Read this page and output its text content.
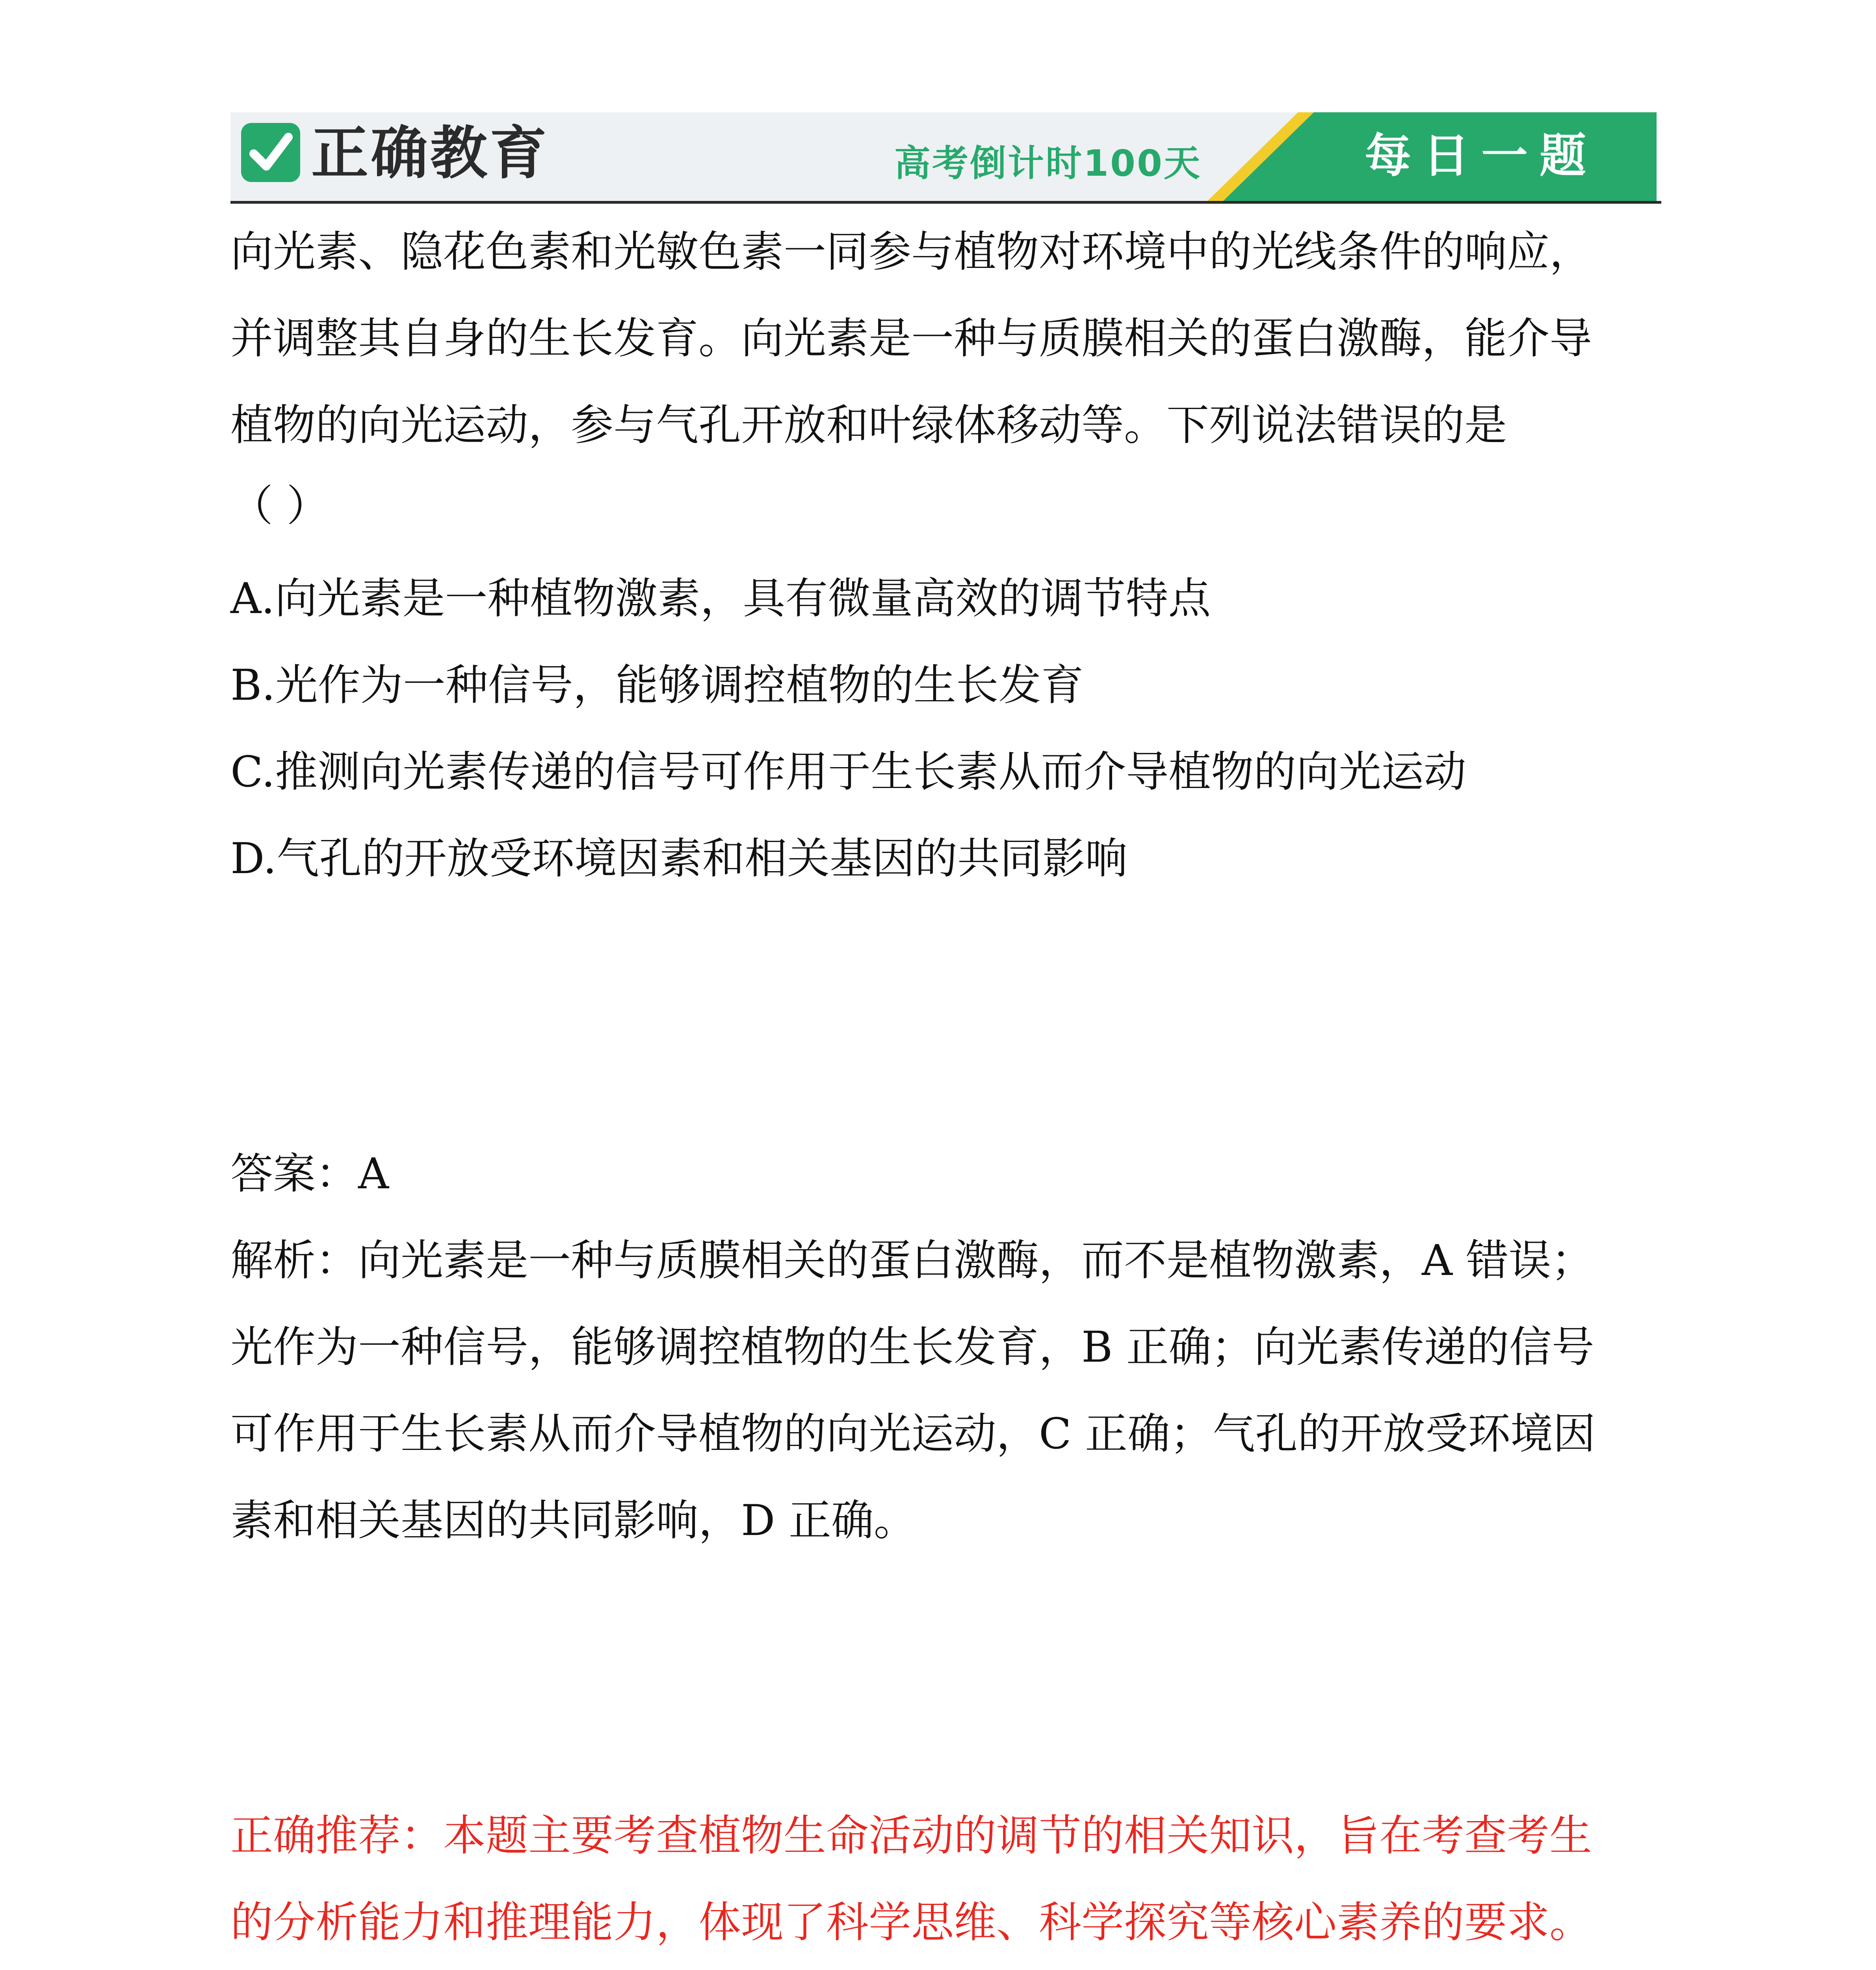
正确教育	高考倒计时100天	每日一题
向光素、隐花色素和光敏色素一同参与植物对环境中的光线条件的响应，
并调整其自身的生长发育。向光素是一种与质膜相关的蛋白激酶，能介导
植物的向光运动，参与气孔开放和叶绿体移动等。下列说法错误的是
（ ）
A.向光素是一种植物激素，具有微量高效的调节特点
B.光作为一种信号，能够调控植物的生长发育
C.推测向光素传递的信号可作用于生长素从而介导植物的向光运动
D.气孔的开放受环境因素和相关基因的共同影响
答案：A
解析：向光素是一种与质膜相关的蛋白激酶，而不是植物激素，A 错误；
光作为一种信号，能够调控植物的生长发育，B 正确；向光素传递的信号
可作用于生长素从而介导植物的向光运动，C 正确；气孔的开放受环境因
素和相关基因的共同影响，D 正确。
正确推荐：本题主要考查植物生命活动的调节的相关知识，旨在考查考生
的分析能力和推理能力，体现了科学思维、科学探究等核心素养的要求。
